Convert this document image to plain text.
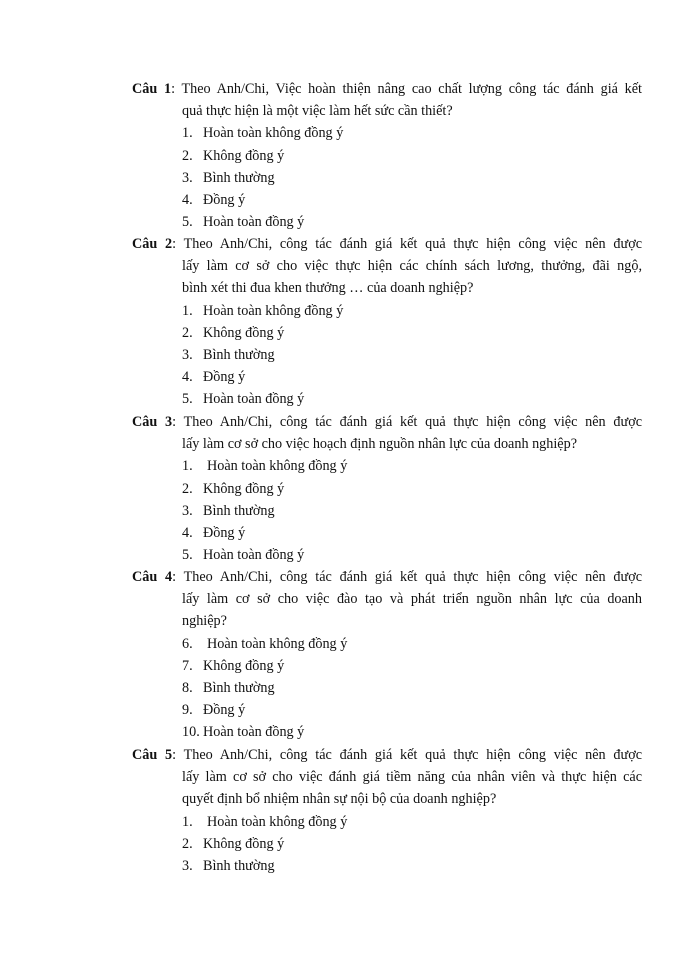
Câu 1: Theo Anh/Chi, Việc hoàn thiện nâng cao chất lượng công tác đánh giá kết
quả thực hiện là một việc làm hết sức cần thiết?
1. Hoàn toàn không đồng ý
2. Không đồng ý
3. Bình thường
4. Đồng ý
5. Hoàn toàn đồng ý
Câu 2: Theo Anh/Chi, công tác đánh giá kết quả thực hiện công việc nên được
lấy làm cơ sở cho việc thực hiện các chính sách lương, thưởng, đãi ngộ,
bình xét thi đua khen thưởng … của doanh nghiệp?
1. Hoàn toàn không đồng ý
2. Không đồng ý
3. Bình thường
4. Đồng ý
5. Hoàn toàn đồng ý
Câu 3: Theo Anh/Chi, công tác đánh giá kết quả thực hiện công việc nên được
lấy làm cơ sở cho việc hoạch định nguồn nhân lực của doanh nghiệp?
1. Hoàn toàn không đồng ý
2. Không đồng ý
3. Bình thường
4. Đồng ý
5. Hoàn toàn đồng ý
Câu 4: Theo Anh/Chi, công tác đánh giá kết quả thực hiện công việc nên được
lấy làm cơ sở cho việc đào tạo và phát triển nguồn nhân lực của doanh
nghiệp?
6. Hoàn toàn không đồng ý
7. Không đồng ý
8. Bình thường
9. Đồng ý
10. Hoàn toàn đồng ý
Câu 5: Theo Anh/Chi, công tác đánh giá kết quả thực hiện công việc nên được
lấy làm cơ sở cho việc đánh giá tiềm năng của nhân viên và thực hiện các
quyết định bổ nhiệm nhân sự nội bộ của doanh nghiệp?
1. Hoàn toàn không đồng ý
2. Không đồng ý
3. Bình thường
